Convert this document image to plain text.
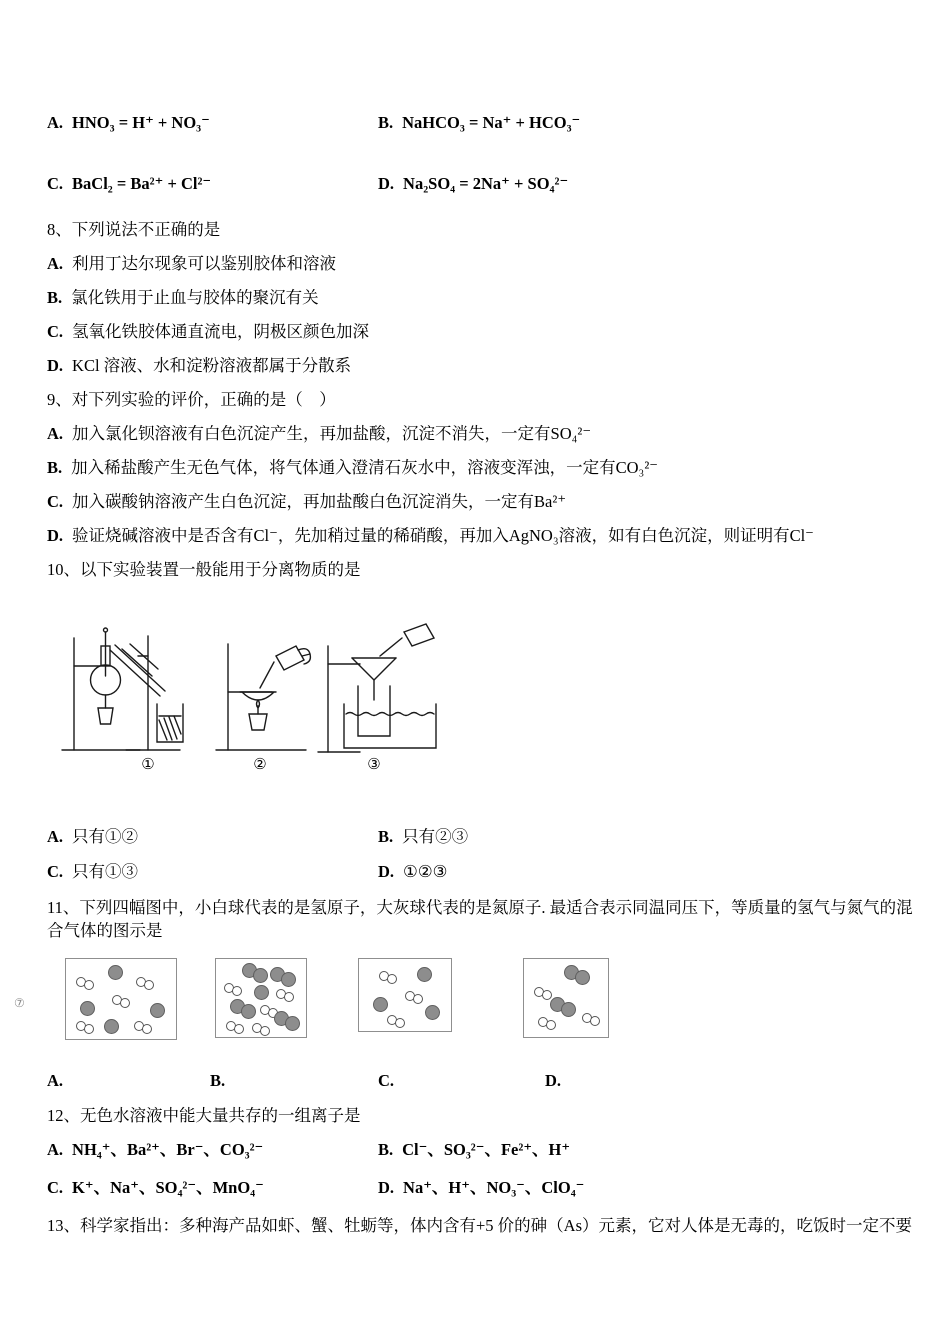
A. HNO₃ = H⁺ + NO₃⁻	B. NaHCO₃ = Na⁺ + HCO₃⁻
C. BaCl₂ = Ba²⁺ + Cl²⁻	D. Na₂SO₄ = 2Na⁺ + SO₄²⁻
8、下列说法不正确的是
A. 利用丁达尔现象可以鉴别胶体和溶液
B. 氯化铁用于止血与胶体的聚沉有关
C. 氢氧化铁胶体通直流电，阴极区颜色加深
D. KCl 溶液、水和淀粉溶液都属于分散系
9、对下列实验的评价，正确的是（　）
A. 加入氯化钡溶液有白色沉淀产生，再加盐酸，沉淀不消失，一定有SO₄²⁻
B. 加入稀盐酸产生无色气体，将气体通入澄清石灰水中，溶液变浑浊，一定有CO₃²⁻
C. 加入碳酸钠溶液产生白色沉淀，再加盐酸白色沉淀消失，一定有Ba²⁺
D. 验证烧碱溶液中是否含有Cl⁻，先加稍过量的稀硝酸，再加入AgNO₃溶液，如有白色沉淀，则证明有Cl⁻
10、以下实验装置一般能用于分离物质的是
①	②	③
A. 只有①②	B. 只有②③
C. 只有①③	D. ①②③
11、下列四幅图中，小白球代表的是氢原子，大灰球代表的是氮原子. 最适合表示同温同压下，等质量的氢气与氮气的混合气体的图示是
⑦
A.	B.	C.	D.
12、无色水溶液中能大量共存的一组离子是
A. NH₄⁺、Ba²⁺、Br⁻、CO₃²⁻	B. Cl⁻、SO₃²⁻、Fe²⁺、H⁺
C. K⁺、Na⁺、SO₄²⁻、MnO₄⁻	D. Na⁺、H⁺、NO₃⁻、ClO₄⁻
13、科学家指出：多种海产品如虾、蟹、牡蛎等，体内含有+5 价的砷（As）元素，它对人体是无毒的，吃饭时一定不要
